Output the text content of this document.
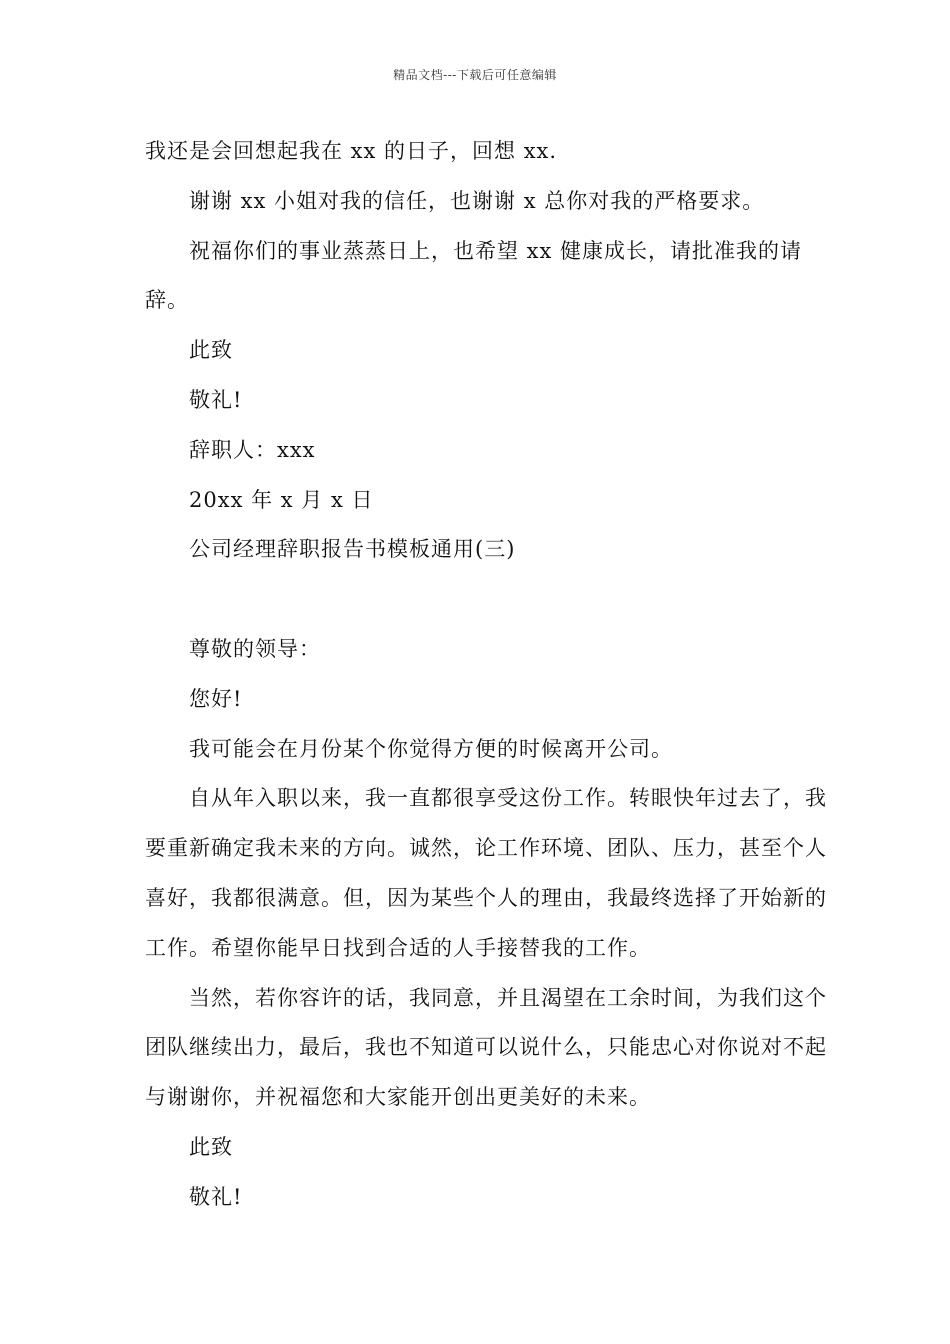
精品文档---下载后可任意编辑

我还是会回想起我在 xx 的日子，回想 xx.

谢谢 xx 小姐对我的信任，也谢谢 x 总你对我的严格要求。

祝福你们的事业蒸蒸日上，也希望 xx 健康成长，请批准我的请辞。

此致

敬礼!

辞职人：xxx

20xx 年 x 月 x 日

公司经理辞职报告书模板通用(三)

尊敬的领导：

您好!

我可能会在月份某个你觉得方便的时候离开公司。

自从年入职以来，我一直都很享受这份工作。转眼快年过去了，我要重新确定我未来的方向。诚然，论工作环境、团队、压力，甚至个人喜好，我都很满意。但，因为某些个人的理由，我最终选择了开始新的工作。希望你能早日找到合适的人手接替我的工作。

当然，若你容许的话，我同意，并且渴望在工余时间，为我们这个团队继续出力，最后，我也不知道可以说什么，只能忠心对你说对不起与谢谢你，并祝福您和大家能开创出更美好的未来。

此致

敬礼!
